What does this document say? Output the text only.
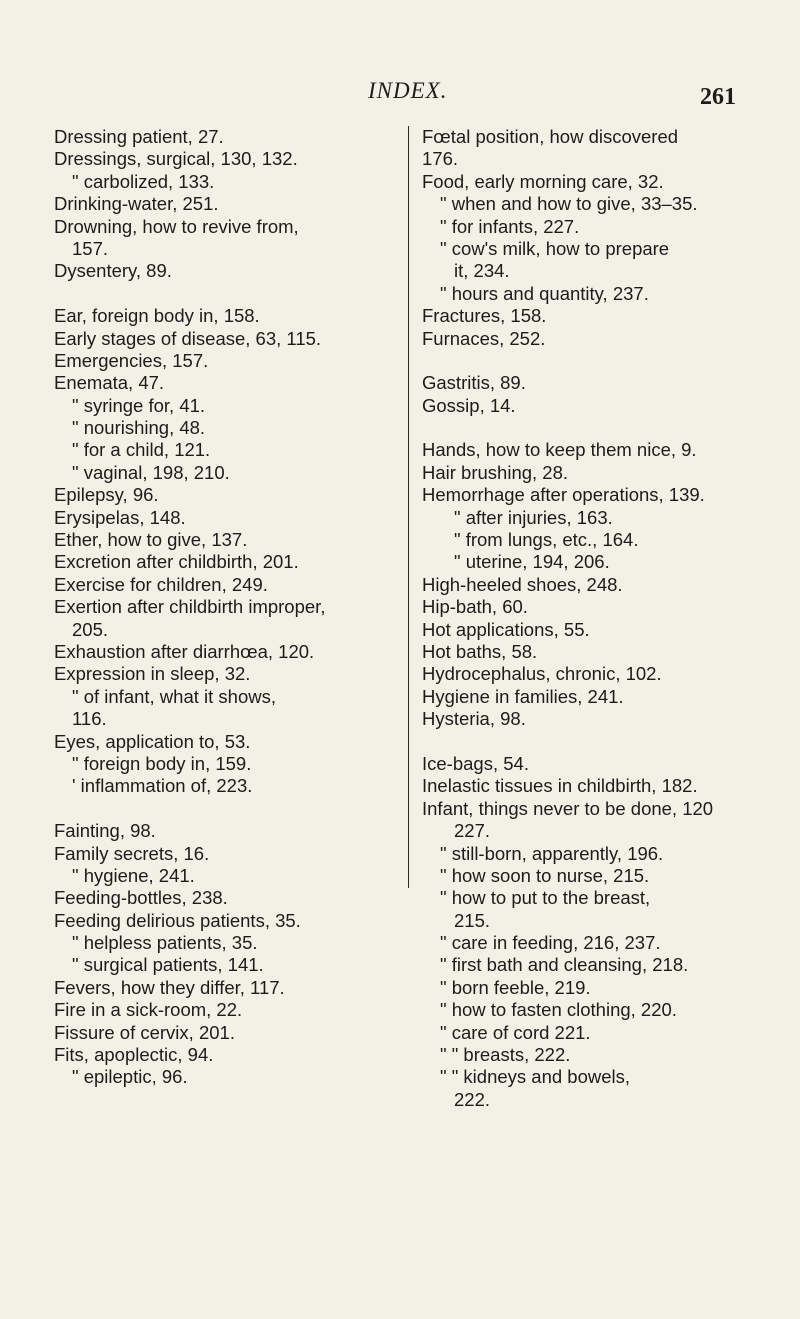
INDEX.	261
Dressing patient, 27.
Dressings, surgical, 130, 132.
" carbolized, 133.
Drinking-water, 251.
Drowning, how to revive from,
157.
Dysentery, 89.
Ear, foreign body in, 158.
Early stages of disease, 63, 115.
Emergencies, 157.
Enemata, 47.
" syringe for, 41.
" nourishing, 48.
" for a child, 121.
" vaginal, 198, 210.
Epilepsy, 96.
Erysipelas, 148.
Ether, how to give, 137.
Excretion after childbirth, 201.
Exercise for children, 249.
Exertion after childbirth improper,
205.
Exhaustion after diarrhœa, 120.
Expression in sleep, 32.
" of infant, what it shows,
116.
Eyes, application to, 53.
" foreign body in, 159.
' inflammation of, 223.
Fainting, 98.
Family secrets, 16.
" hygiene, 241.
Feeding-bottles, 238.
Feeding delirious patients, 35.
" helpless patients, 35.
" surgical patients, 141.
Fevers, how they differ, 117.
Fire in a sick-room, 22.
Fissure of cervix, 201.
Fits, apoplectic, 94.
" epileptic, 96.
Fœtal position, how discovered
176.
Food, early morning care, 32.
" when and how to give, 33–35.
" for infants, 227.
" cow's milk, how to prepare
it, 234.
" hours and quantity, 237.
Fractures, 158.
Furnaces, 252.
Gastritis, 89.
Gossip, 14.
Hands, how to keep them nice, 9.
Hair brushing, 28.
Hemorrhage after operations, 139.
" after injuries, 163.
" from lungs, etc., 164.
" uterine, 194, 206.
High-heeled shoes, 248.
Hip-bath, 60.
Hot applications, 55.
Hot baths, 58.
Hydrocephalus, chronic, 102.
Hygiene in families, 241.
Hysteria, 98.
Ice-bags, 54.
Inelastic tissues in childbirth, 182.
Infant, things never to be done, 120
227.
" still-born, apparently, 196.
" how soon to nurse, 215.
" how to put to the breast,
215.
" care in feeding, 216, 237.
" first bath and cleansing, 218.
" born feeble, 219.
" how to fasten clothing, 220.
" care of cord 221.
" " breasts, 222.
" " kidneys and bowels,
222.
